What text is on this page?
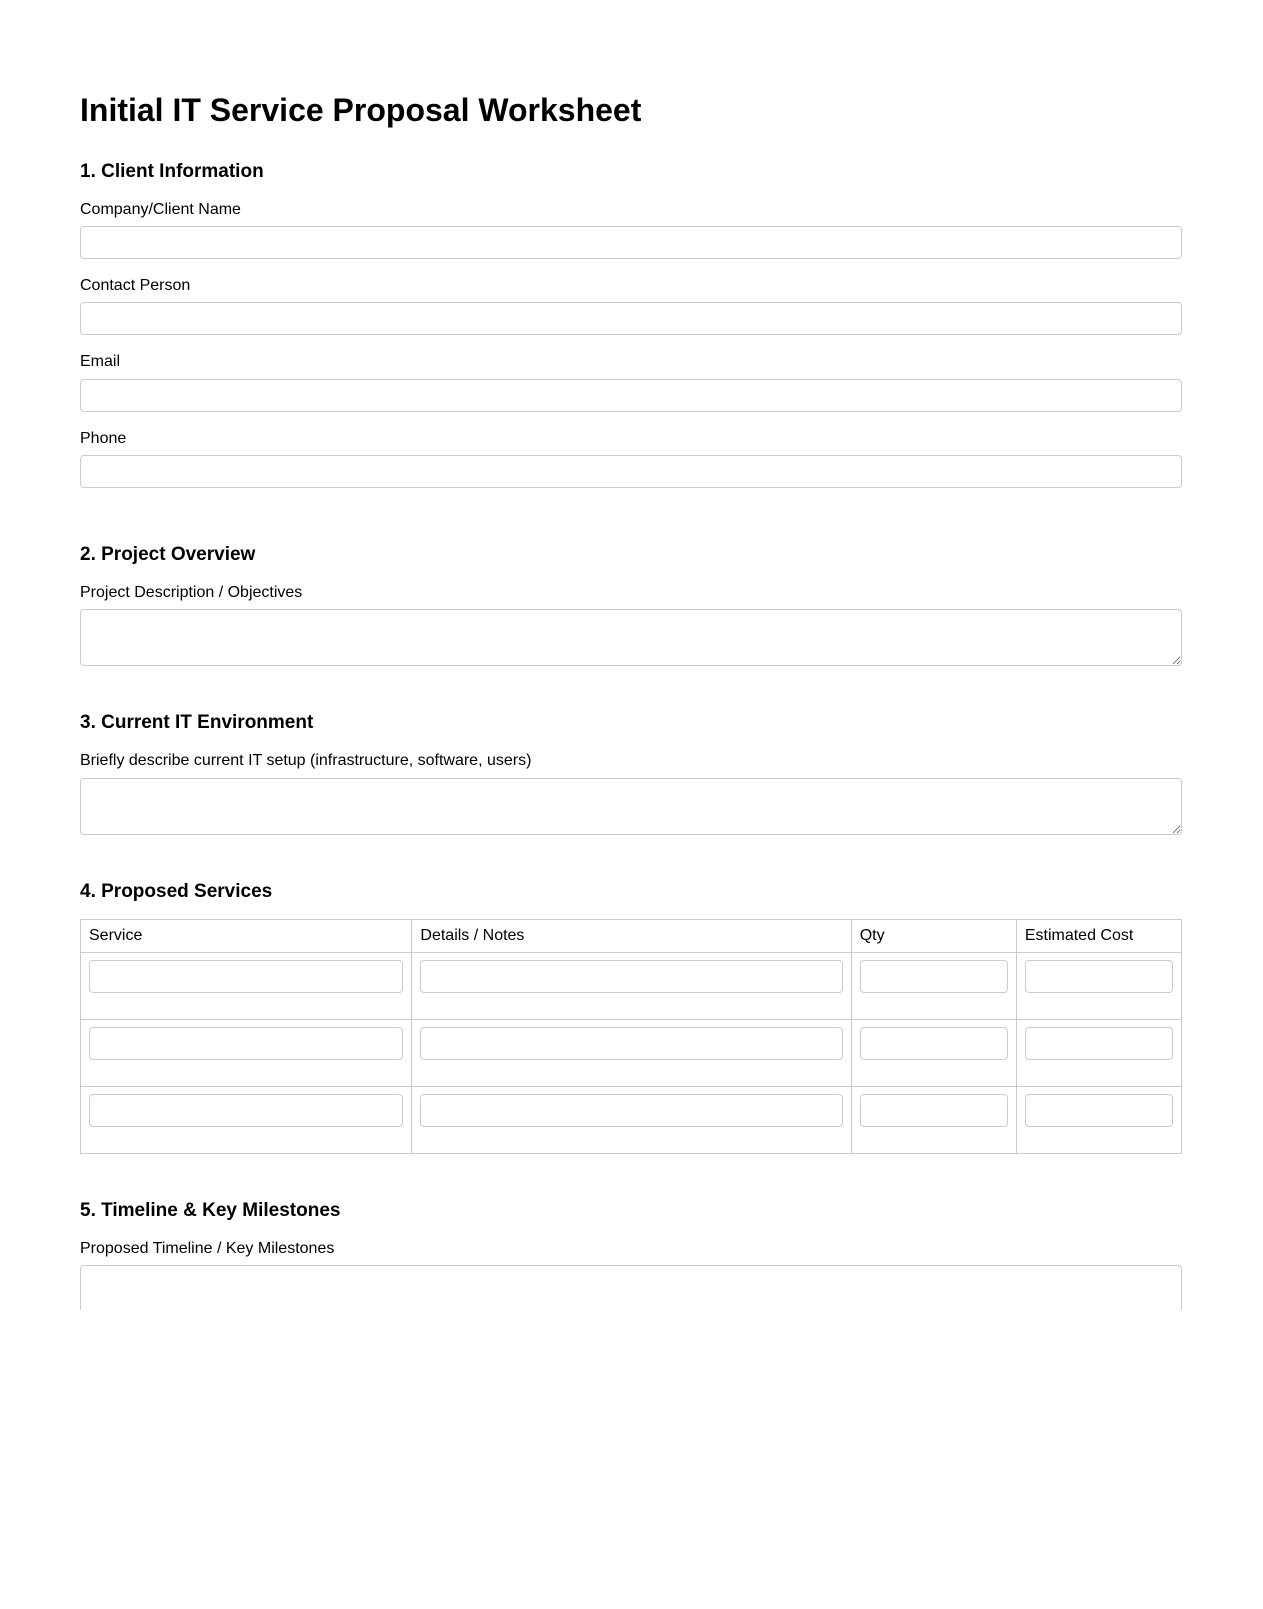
Initial IT Service Proposal Worksheet
1. Client Information
Company/Client Name
Contact Person
Email
Phone
2. Project Overview
Project Description / Objectives
3. Current IT Environment
Briefly describe current IT setup (infrastructure, software, users)
4. Proposed Services
Service	Details / Notes	Qty	Estimated Cost

5. Timeline & Key Milestones
Proposed Timeline / Key Milestones
